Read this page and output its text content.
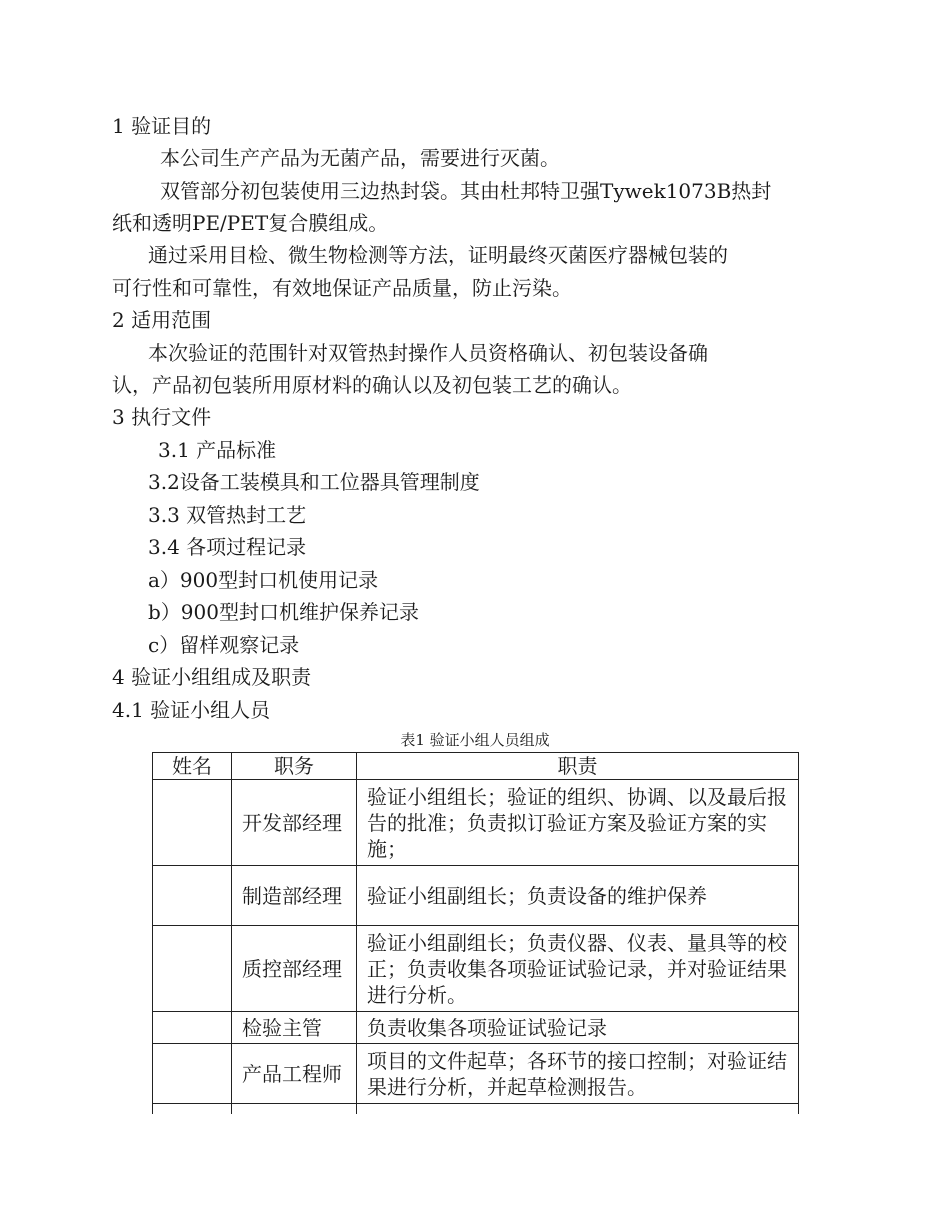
1 验证目的
本公司生产产品为无菌产品，需要进行灭菌。
双管部分初包装使用三边热封袋。其由杜邦特卫强Tywek1073B热封
纸和透明PE/PET复合膜组成。
通过采用目检、微生物检测等方法，证明最终灭菌医疗器械包装的
可行性和可靠性，有效地保证产品质量，防止污染。
2 适用范围
本次验证的范围针对双管热封操作人员资格确认、初包装设备确
认，产品初包装所用原材料的确认以及初包装工艺的确认。
3 执行文件
3.1 产品标准
3.2设备工装模具和工位器具管理制度
3.3 双管热封工艺
3.4 各项过程记录
a）900型封口机使用记录
b）900型封口机维护保养记录
c）留样观察记录
4 验证小组组成及职责
4.1 验证小组人员
表1 验证小组人员组成
姓名	职务	职责
	开发部经理	验证小组组长；验证的组织、协调、以及最后报告的批准；负责拟订验证方案及验证方案的实施；
	制造部经理	验证小组副组长；负责设备的维护保养
	质控部经理	验证小组副组长；负责仪器、仪表、量具等的校正；负责收集各项验证试验记录，并对验证结果进行分析。
	检验主管	负责收集各项验证试验记录
	产品工程师	项目的文件起草；各环节的接口控制；对验证结果进行分析，并起草检测报告。
